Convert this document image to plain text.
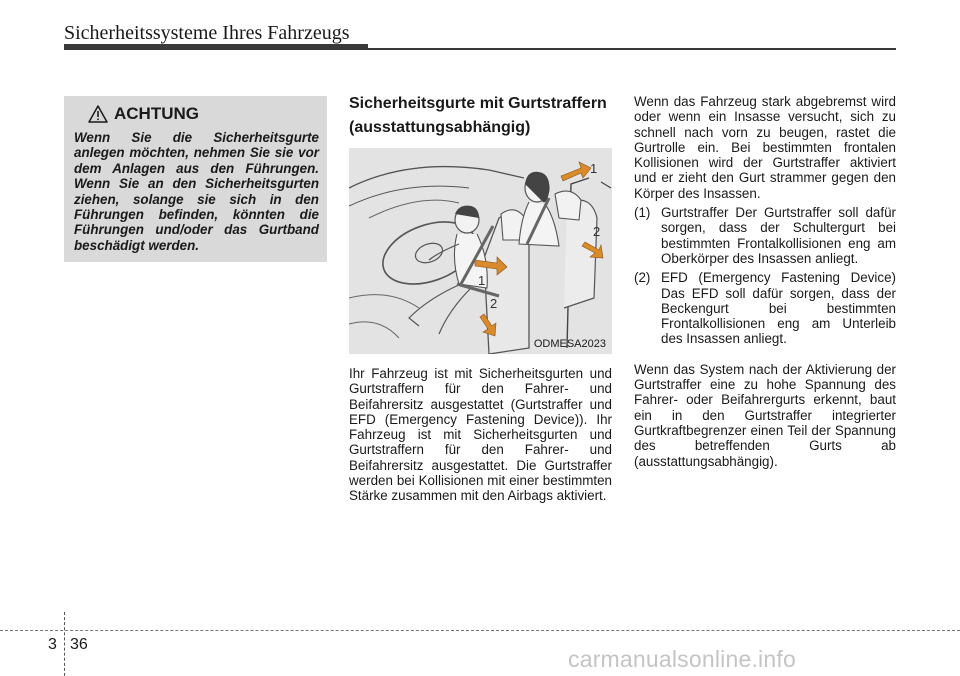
Sicherheitssysteme Ihres Fahrzeugs
ACHTUNG
Wenn Sie die Sicherheitsgurte anlegen möchten, nehmen Sie sie vor dem Anlagen aus den Führungen. Wenn Sie an den Sicherheitsgurten ziehen, solange sie sich in den Führungen befinden, könnten die Führungen und/oder das Gurtband beschädigt werden.
Sicherheitsgurte mit Gurtstraffern (ausstattungsabhängig)
1
1
2
2
ODMESA2023

Ihr Fahrzeug ist mit Sicherheitsgurten und Gurtstraffern für den Fahrer- und Beifahrersitz ausgestattet (Gurtstraffer und EFD (Emergency Fastening Device)). Ihr Fahrzeug ist mit Sicherheitsgurten und Gurtstraffern für den Fahrer- und Beifahrersitz ausgestattet. Die Gurtstraffer werden bei Kollisionen mit einer bestimmten Stärke zusammen mit den Airbags aktiviert.

Wenn das Fahrzeug stark abgebremst wird oder wenn ein Insasse versucht, sich zu schnell nach vorn zu beugen, rastet die Gurtrolle ein. Bei bestimmten frontalen Kollisionen wird der Gurtstraffer aktiviert und er zieht den Gurt strammer gegen den Körper des Insassen.

(1) Gurtstraffer Der Gurtstraffer soll dafür sorgen, dass der Schultergurt bei bestimmten Frontalkollisionen eng am Oberkörper des Insassen anliegt.
(2) EFD (Emergency Fastening Device) Das EFD soll dafür sorgen, dass der Beckengurt bei bestimmten Frontalkollisionen eng am Unterleib des Insassen anliegt.

Wenn das System nach der Aktivierung der Gurtstraffer eine zu hohe Spannung des Fahrer- oder Beifahrergurts erkennt, baut ein in den Gurtstraffer integrierter Gurtkraftbegrenzer einen Teil der Spannung des betreffenden Gurts ab (ausstattungsabhängig).

3 36
carmanualsonline.info
